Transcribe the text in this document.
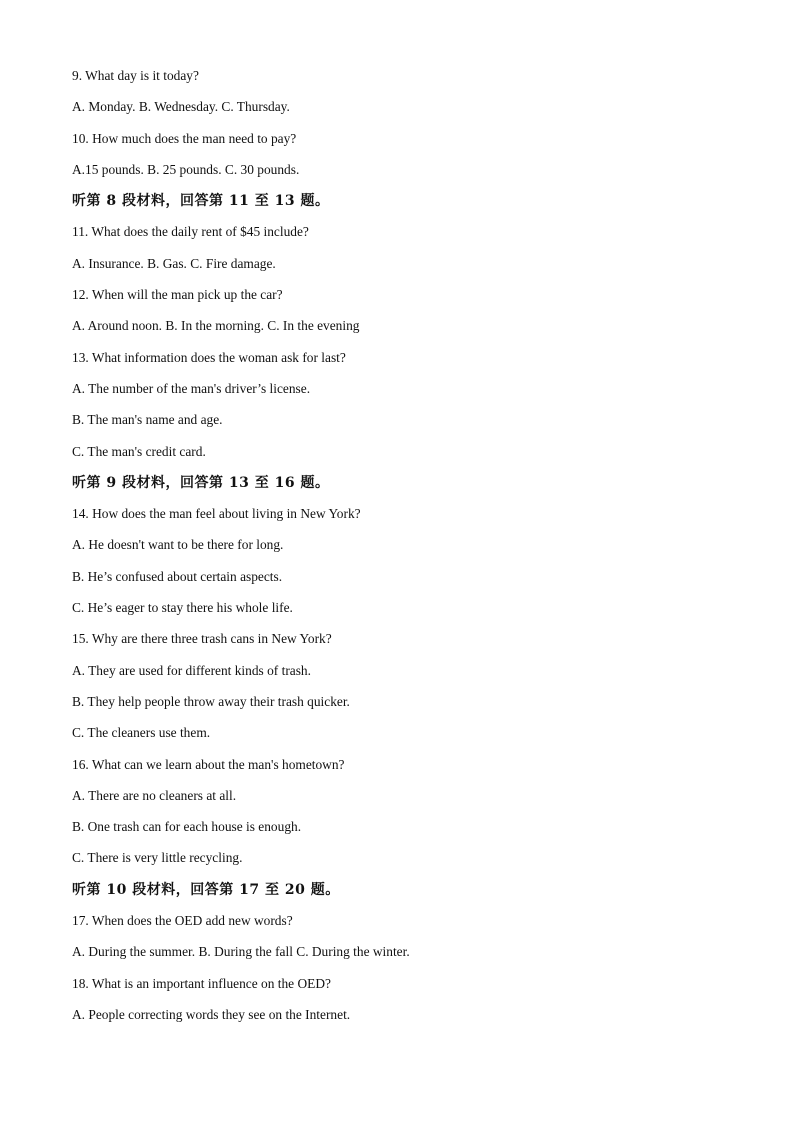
9. What day is it today?
A. Monday. B. Wednesday. C. Thursday.
10. How much does the man need to pay?
A.15 pounds. B. 25 pounds. C. 30 pounds.
听第 8 段材料，回答第 11 至 13 题。
11. What does the daily rent of $45 include?
A. Insurance. B. Gas. C. Fire damage.
12. When will the man pick up the car?
A. Around noon. B. In the morning. C. In the evening
13. What information does the woman ask for last?
A. The number of the man's driver’s license.
B. The man's name and age.
C. The man's credit card.
听第 9 段材料，回答第 13 至 16 题。
14. How does the man feel about living in New York?
A. He doesn't want to be there for long.
B. He’s confused about certain aspects.
C. He’s eager to stay there his whole life.
15. Why are there three trash cans in New York?
A. They are used for different kinds of trash.
B. They help people throw away their trash quicker.
C. The cleaners use them.
16. What can we learn about the man's hometown?
A. There are no cleaners at all.
B. One trash can for each house is enough.
C. There is very little recycling.
听第 10 段材料，回答第 17 至 20 题。
17. When does the OED add new words?
A. During the summer. B. During the fall C. During the winter.
18. What is an important influence on the OED?
A. People correcting words they see on the Internet.
